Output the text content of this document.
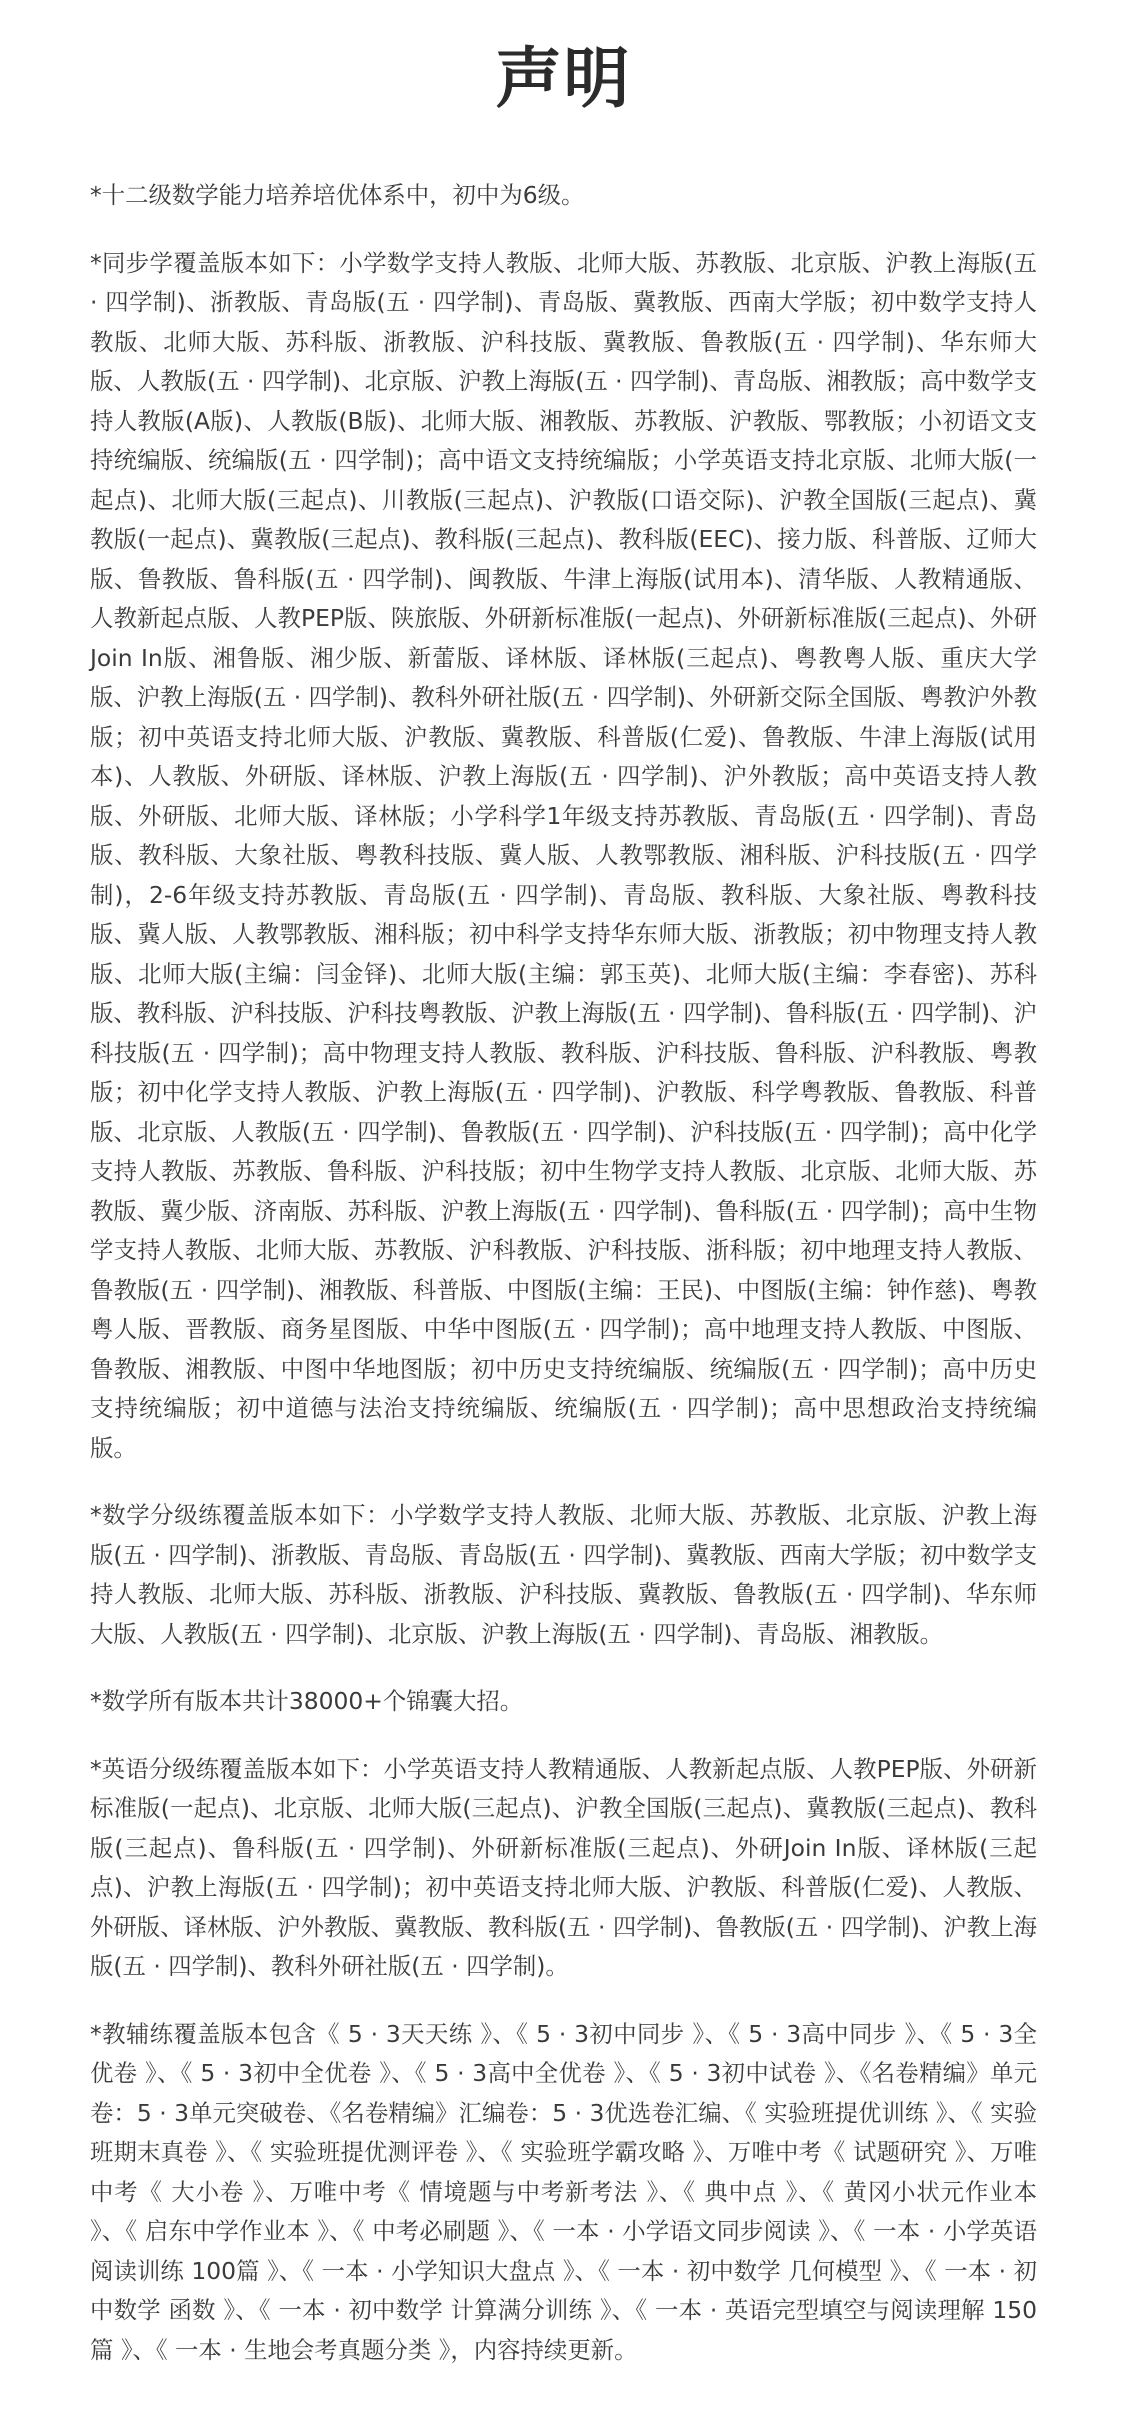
声明

*十二级数学能力培养培优体系中，初中为6级。

*同步学覆盖版本如下：小学数学支持人教版、北师大版、苏教版、北京版、沪教上海版(五 · 四学制)、浙教版、青岛版(五 · 四学制)、青岛版、冀教版、西南大学版；初中数学支持人教版、北师大版、苏科版、浙教版、沪科技版、冀教版、鲁教版(五 · 四学制)、华东师大版、人教版(五 · 四学制)、北京版、沪教上海版(五 · 四学制)、青岛版、湘教版；高中数学支持人教版(A版)、人教版(B版)、北师大版、湘教版、苏教版、沪教版、鄂教版；小初语文支持统编版、统编版(五 · 四学制)；高中语文支持统编版；小学英语支持北京版、北师大版(一起点)、北师大版(三起点)、川教版(三起点)、沪教版(口语交际)、沪教全国版(三起点)、冀教版(一起点)、冀教版(三起点)、教科版(三起点)、教科版(EEC)、接力版、科普版、辽师大版、鲁教版、鲁科版(五 · 四学制)、闽教版、牛津上海版(试用本)、清华版、人教精通版、人教新起点版、人教PEP版、陕旅版、外研新标准版(一起点)、外研新标准版(三起点)、外研Join In版、湘鲁版、湘少版、新蕾版、译林版、译林版(三起点)、粤教粤人版、重庆大学版、沪教上海版(五 · 四学制)、教科外研社版(五 · 四学制)、外研新交际全国版、粤教沪外教版；初中英语支持北师大版、沪教版、冀教版、科普版(仁爱)、鲁教版、牛津上海版(试用本)、人教版、外研版、译林版、沪教上海版(五 · 四学制)、沪外教版；高中英语支持人教版、外研版、北师大版、译林版；小学科学1年级支持苏教版、青岛版(五 · 四学制)、青岛版、教科版、大象社版、粤教科技版、冀人版、人教鄂教版、湘科版、沪科技版(五 · 四学制)，2-6年级支持苏教版、青岛版(五 · 四学制)、青岛版、教科版、大象社版、粤教科技版、冀人版、人教鄂教版、湘科版；初中科学支持华东师大版、浙教版；初中物理支持人教版、北师大版(主编：闫金铎)、北师大版(主编：郭玉英)、北师大版(主编：李春密)、苏科版、教科版、沪科技版、沪科技粤教版、沪教上海版(五 · 四学制)、鲁科版(五 · 四学制)、沪科技版(五 · 四学制)；高中物理支持人教版、教科版、沪科技版、鲁科版、沪科教版、粤教版；初中化学支持人教版、沪教上海版(五 · 四学制)、沪教版、科学粤教版、鲁教版、科普版、北京版、人教版(五 · 四学制)、鲁教版(五 · 四学制)、沪科技版(五 · 四学制)；高中化学支持人教版、苏教版、鲁科版、沪科技版；初中生物学支持人教版、北京版、北师大版、苏教版、冀少版、济南版、苏科版、沪教上海版(五 · 四学制)、鲁科版(五 · 四学制)；高中生物学支持人教版、北师大版、苏教版、沪科教版、沪科技版、浙科版；初中地理支持人教版、鲁教版(五 · 四学制)、湘教版、科普版、中图版(主编：王民)、中图版(主编：钟作慈)、粤教粤人版、晋教版、商务星图版、中华中图版(五 · 四学制)；高中地理支持人教版、中图版、鲁教版、湘教版、中图中华地图版；初中历史支持统编版、统编版(五 · 四学制)；高中历史支持统编版；初中道德与法治支持统编版、统编版(五 · 四学制)；高中思想政治支持统编版。

*数学分级练覆盖版本如下：小学数学支持人教版、北师大版、苏教版、北京版、沪教上海版(五 · 四学制)、浙教版、青岛版、青岛版(五 · 四学制)、冀教版、西南大学版；初中数学支持人教版、北师大版、苏科版、浙教版、沪科技版、冀教版、鲁教版(五 · 四学制)、华东师大版、人教版(五 · 四学制)、北京版、沪教上海版(五 · 四学制)、青岛版、湘教版。

*数学所有版本共计38000+个锦囊大招。

*英语分级练覆盖版本如下：小学英语支持人教精通版、人教新起点版、人教PEP版、外研新标准版(一起点)、北京版、北师大版(三起点)、沪教全国版(三起点)、冀教版(三起点)、教科版(三起点)、鲁科版(五 · 四学制)、外研新标准版(三起点)、外研Join In版、译林版(三起点)、沪教上海版(五 · 四学制)；初中英语支持北师大版、沪教版、科普版(仁爱)、人教版、外研版、译林版、沪外教版、冀教版、教科版(五 · 四学制)、鲁教版(五 · 四学制)、沪教上海版(五 · 四学制)、教科外研社版(五 · 四学制)。

*教辅练覆盖版本包含《 5 · 3天天练 》、《 5 · 3初中同步 》、《 5 · 3高中同步 》、《 5 · 3全优卷 》、《 5 · 3初中全优卷 》、《 5 · 3高中全优卷 》、《 5 · 3初中试卷 》、《名卷精编》单元卷：5 · 3单元突破卷、《名卷精编》汇编卷：5 · 3优选卷汇编、《 实验班提优训练 》、《 实验班期末真卷 》、《 实验班提优测评卷 》、《 实验班学霸攻略 》、万唯中考《 试题研究 》、万唯中考《 大小卷 》、万唯中考《 情境题与中考新考法 》、《 典中点 》、《 黄冈小状元作业本 》、《 启东中学作业本 》、《 中考必刷题 》、《 一本 · 小学语文同步阅读 》、《 一本 · 小学英语阅读训练 100篇 》、《 一本 · 小学知识大盘点 》、《 一本 · 初中数学 几何模型 》、《 一本 · 初中数学 函数 》、《 一本 · 初中数学 计算满分训练 》、《 一本 · 英语完型填空与阅读理解 150篇 》、《 一本 · 生地会考真题分类 》，内容持续更新。
